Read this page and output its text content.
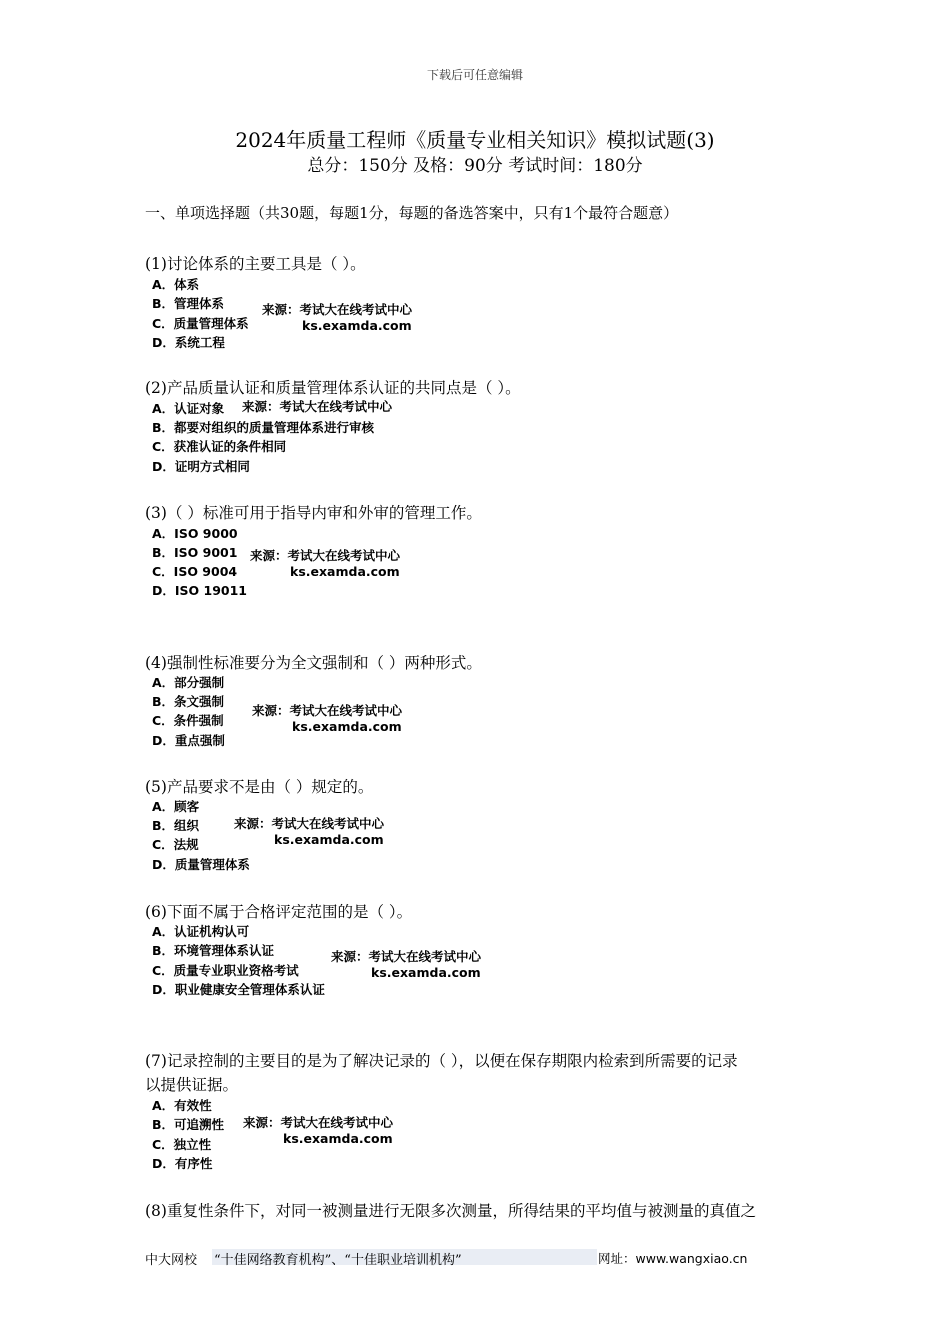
下载后可任意编辑
2024年质量工程师《质量专业相关知识》模拟试题(3)
总分：150分 及格：90分 考试时间：180分
一、单项选择题（共30题，每题1分，每题的备选答案中，只有1个最符合题意）
(1)讨论体系的主要工具是（ ）。
A．体系
B．管理体系
C．质量管理体系
D．系统工程
来源：考试大在线考试中心
ks.examda.com
(2)产品质量认证和质量管理体系认证的共同点是（ ）。
A．认证对象
B．都要对组织的质量管理体系进行审核
C．获准认证的条件相同
D．证明方式相同
来源：考试大在线考试中心
(3)（ ）标准可用于指导内审和外审的管理工作。
A．ISO 9000
B．ISO 9001
C．ISO 9004
D．ISO 19011
来源：考试大在线考试中心
ks.examda.com
(4)强制性标准要分为全文强制和（ ）两种形式。
A．部分强制
B．条文强制
C．条件强制
D．重点强制
来源：考试大在线考试中心
ks.examda.com
(5)产品要求不是由（ ）规定的。
A．顾客
B．组织
C．法规
D．质量管理体系
来源：考试大在线考试中心
ks.examda.com
(6)下面不属于合格评定范围的是（ ）。
A．认证机构认可
B．环境管理体系认证
C．质量专业职业资格考试
D．职业健康安全管理体系认证
来源：考试大在线考试中心
ks.examda.com
(7)记录控制的主要目的是为了解决记录的（ ），以便在保存期限内检索到所需要的记录
以提供证据。
A．有效性
B．可追溯性
C．独立性
D．有序性
来源：考试大在线考试中心
ks.examda.com
(8)重复性条件下，对同一被测量进行无限多次测量，所得结果的平均值与被测量的真值之
中大网校 “十佳网络教育机构”、“十佳职业培训机构”	网址：www.wangxiao.cn
